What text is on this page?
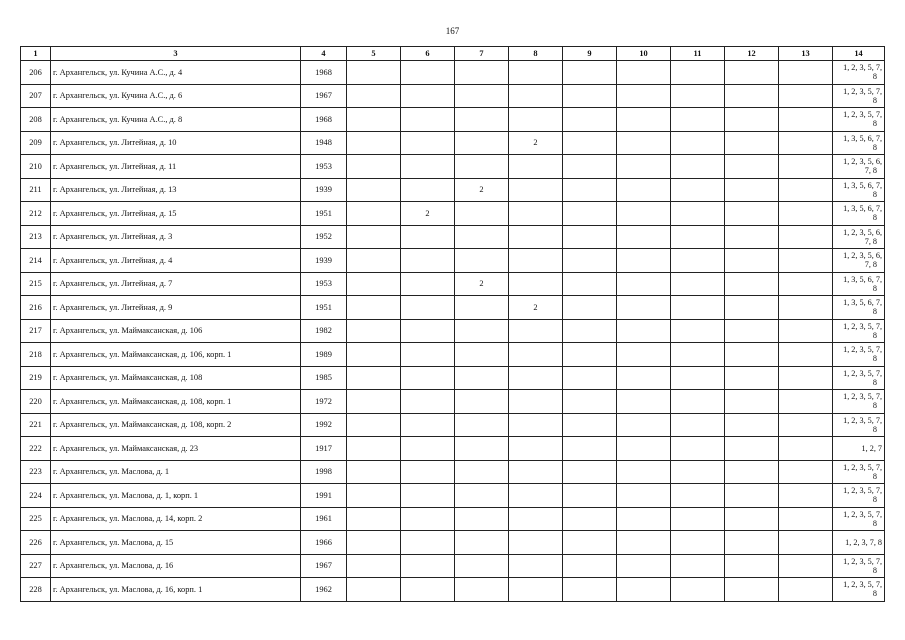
167
1	3	4	5	6	7	8	9	10	11	12	13	14
206	г. Архангельск, ул. Кучина А.С., д. 4	1968										1, 2, 3, 5, 7,
8

207	г. Архангельск, ул. Кучина А.С., д. 6	1967										1, 2, 3, 5, 7,
8

208	г. Архангельск, ул. Кучина А.С., д. 8	1968										1, 2, 3, 5, 7,
8

209	г. Архангельск, ул. Литейная, д. 10	1948				2						1, 3, 5, 6, 7,
8

210	г. Архангельск, ул. Литейная, д. 11	1953										1, 2, 3, 5, 6,
7, 8

211	г. Архангельск, ул. Литейная, д. 13	1939			2							1, 3, 5, 6, 7,
8

212	г. Архангельск, ул. Литейная, д. 15	1951		2								1, 3, 5, 6, 7,
8

213	г. Архангельск, ул. Литейная, д. 3	1952										1, 2, 3, 5, 6,
7, 8

214	г. Архангельск, ул. Литейная, д. 4	1939										1, 2, 3, 5, 6,
7, 8

215	г. Архангельск, ул. Литейная, д. 7	1953			2							1, 3, 5, 6, 7,
8

216	г. Архангельск, ул. Литейная, д. 9	1951				2						1, 3, 5, 6, 7,
8

217	г. Архангельск, ул. Маймаксанская, д. 106	1982										1, 2, 3, 5, 7,
8

218	г. Архангельск, ул. Маймаксанская, д. 106, корп. 1	1989										1, 2, 3, 5, 7,
8

219	г. Архангельск, ул. Маймаксанская, д. 108	1985										1, 2, 3, 5, 7,
8

220	г. Архангельск, ул. Маймаксанская, д. 108, корп. 1	1972										1, 2, 3, 5, 7,
8

221	г. Архангельск, ул. Маймаксанская, д. 108, корп. 2	1992										1, 2, 3, 5, 7,
8

222	г. Архангельск, ул. Маймаксанская, д. 23	1917										1, 2, 7

223	г. Архангельск, ул. Маслова, д. 1	1998										1, 2, 3, 5, 7,
8

224	г. Архангельск, ул. Маслова, д. 1, корп. 1	1991										1, 2, 3, 5, 7,
8

225	г. Архангельск, ул. Маслова, д. 14, корп. 2	1961										1, 2, 3, 5, 7,
8

226	г. Архангельск, ул. Маслова, д. 15	1966										1, 2, 3, 7, 8

227	г. Архангельск, ул. Маслова, д. 16	1967										1, 2, 3, 5, 7,
8

228	г. Архангельск, ул. Маслова, д. 16, корп. 1	1962										1, 2, 3, 5, 7,
8
